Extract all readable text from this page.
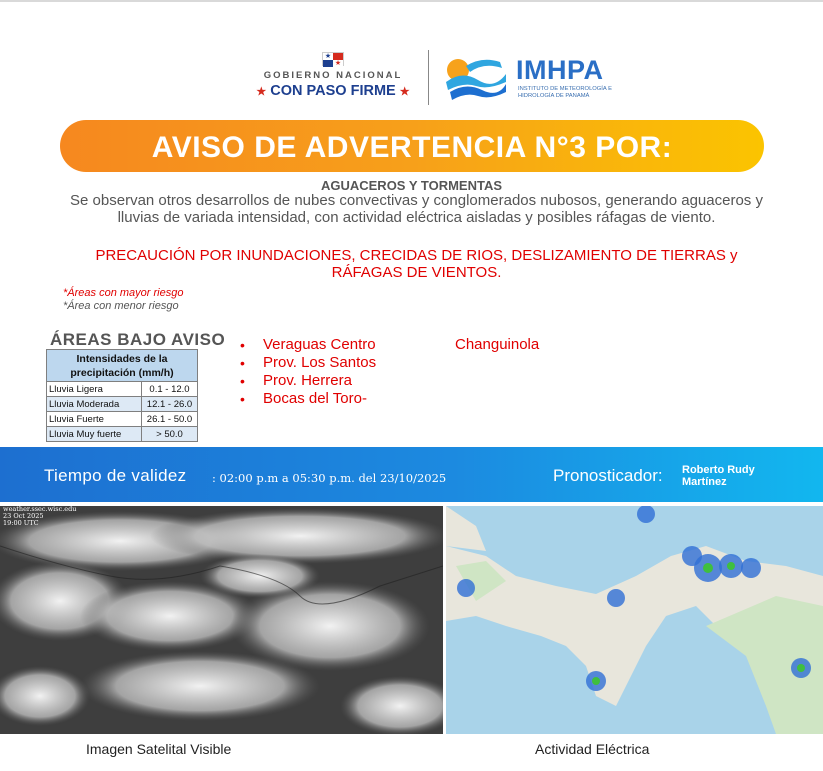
★
★
GOBIERNO NACIONAL
★ CON PASO FIRME ★
IMHPA
INSTITUTO DE METEOROLOGÍA E HIDROLOGÍA DE PANAMÁ
AVISO DE ADVERTENCIA N°3 POR:
AGUACEROS Y TORMENTAS
Se observan otros desarrollos de nubes convectivas y conglomerados nubosos, generando aguaceros y lluvias de variada intensidad, con actividad eléctrica aisladas y posibles ráfagas de viento.
PRECAUCIÓN POR INUNDACIONES, CRECIDAS DE RIOS, DESLIZAMIENTO DE TIERRAS y RÁFAGAS DE VIENTOS.
*Áreas con mayor riesgo
*Área con menor riesgo
ÁREAS BAJO AVISO
Intensidades de la precipitación (mm/h)	
Lluvia Ligera	0.1 - 12.0
Lluvia Moderada	12.1 - 26.0
Lluvia Fuerte	26.1 - 50.0
Lluvia Muy fuerte	> 50.0
• Veraguas Centro
• Prov. Los Santos
• Prov. Herrera
• Bocas del Toro-
Changuinola
Tiempo de validez : 02:00 p.m a 05:30 p.m. del 23/10/2025	Pronosticador: Roberto Rudy Martínez
weather.ssec.wisc.edu
23 Oct 2025
19:00 UTC
Imagen Satelital Visible	Actividad Eléctrica
